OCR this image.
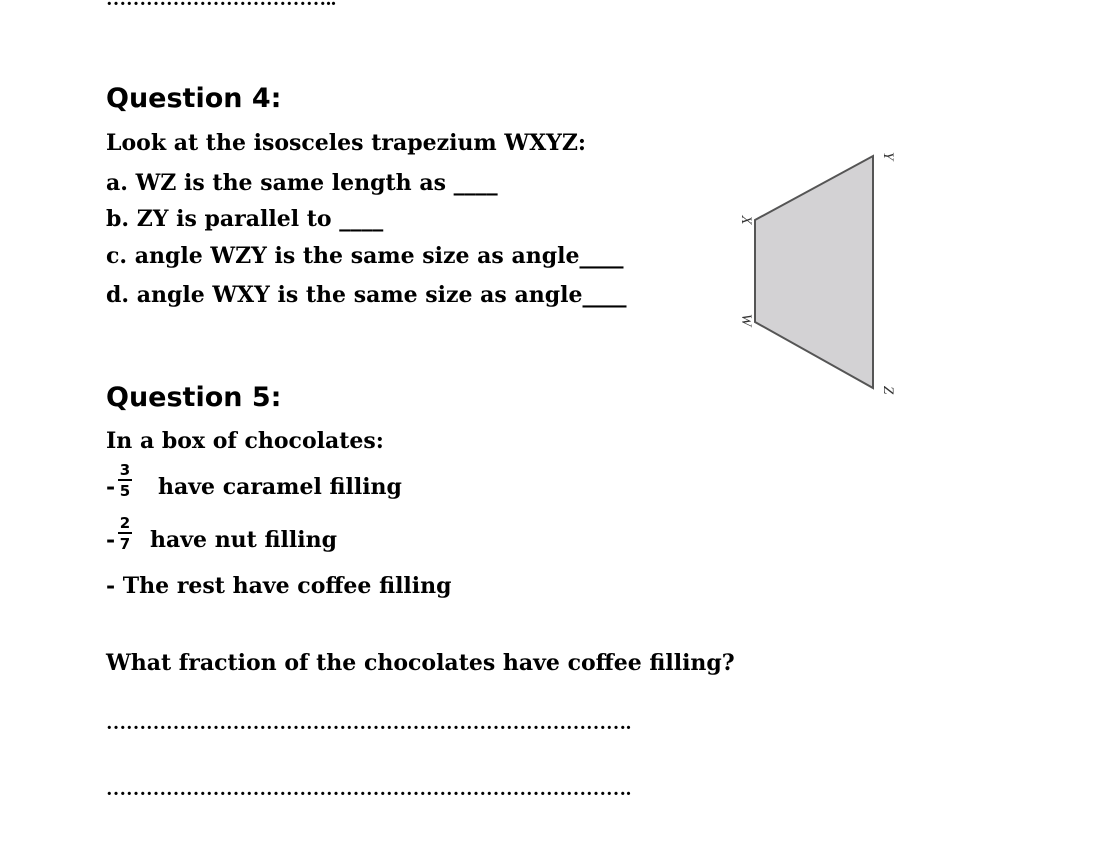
Question 4:
Look at the isosceles trapezium WXYZ:
a. WZ is the same length as ____
b. ZY is parallel to ____
c. angle WZY is the same size as angle____
d. angle WXY is the same size as angle____
X
W
Y
Z
Question 5:
In a box of chocolates:
-
3
5 have caramel filling
-
2
7 have nut filling
- The rest have coffee filling
What fraction of the chocolates have coffee filling?
…………………………………………………………………….
…………………………………………………………………….
